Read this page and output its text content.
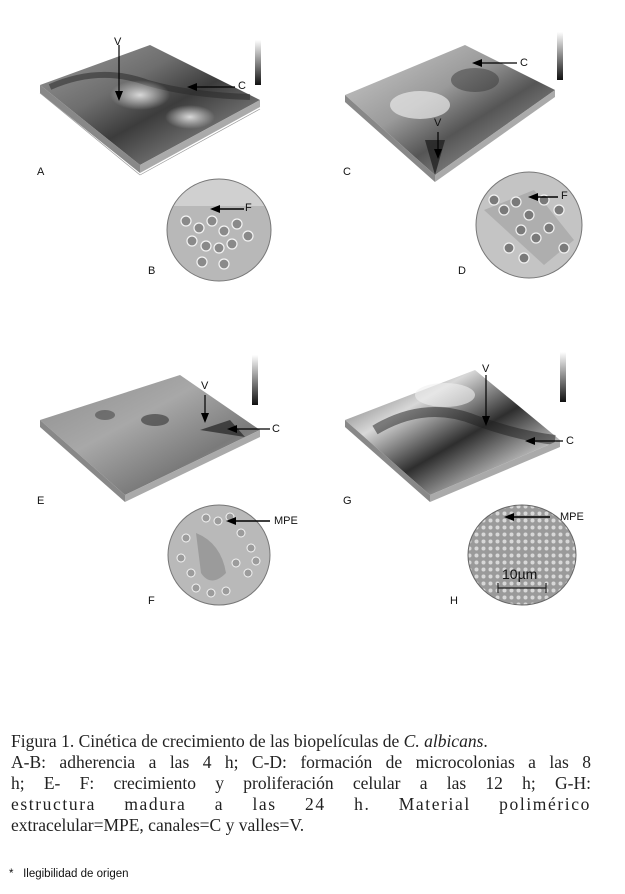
V
C
A
C
V
C
F
B
F
D
V
C
E
V
C
G
MPE
F
MPE
10µm
H
Figura 1. Cinética de crecimiento de las biopelículas de C. albicans.
A-B: adherencia a las 4 h; C-D: formación de microcolonias a las 8
h; E- F: crecimiento y proliferación celular a las 12 h; G-H:
estructura madura a las 24 h. Material polimérico
extracelular=MPE, canales=C y valles=V.
* Ilegibilidad de origen
